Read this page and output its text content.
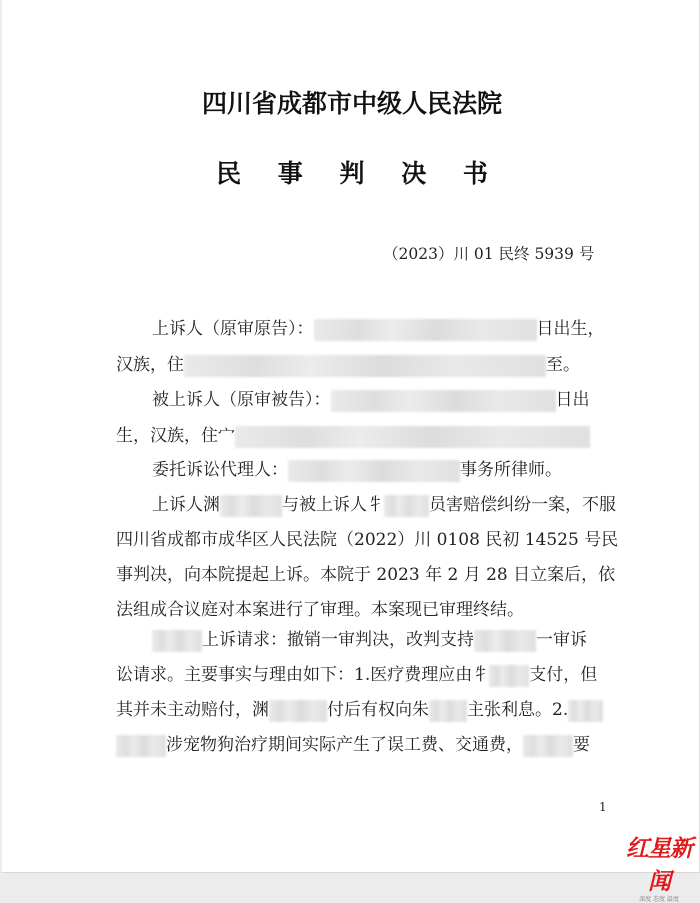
四川省成都市中级人民法院
民 事 判 决 书
（2023）川 01 民终 5939 号
上诉人（原审原告）：	日出生，
汉族，住	至。
被上诉人（原审被告）：	日出
生，汉族，住宀
委托诉讼代理人：	事务所律师。
上诉人渊	与被上诉人牜	员害赔偿纠纷一案，不服
四川省成都市成华区人民法院（2022）川 0108 民初 14525 号民
事判决，向本院提起上诉。本院于 2023 年 2 月 28 日立案后，依
法组成合议庭对本案进行了审理。本案现已审理终结。
上诉请求：撤销一审判决，改判支持	一审诉
讼请求。主要事实与理由如下：1.医疗费理应由牜 支付，但
其并未主动赔付，渊	付后有权向朱 主张利息。2.
涉宠物狗治疗期间实际产生了误工费、交通费，	要
1
红星新闻
深度 态度 温度
